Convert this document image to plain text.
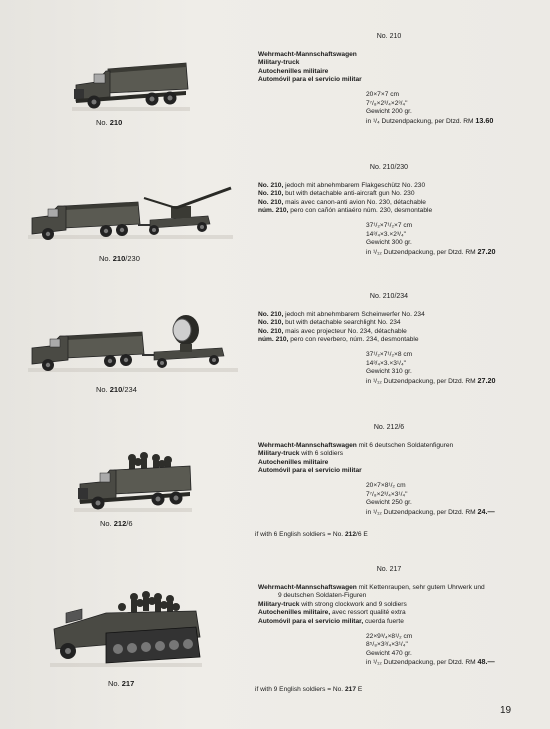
No. 210
No. 210
Wehrmacht-Mannschaftswagen
Military-truck
Autochenilles militaire
Automóvil para el servicio militar
20×7×7 cm
7⁷/₈×2³/₄×2³/₄"
Gewicht 200 gr.
in ¹/₄ Dutzendpackung, per Dtzd. RM 13.60
No. 210/230
No. 210/230
No. 210, jedoch mit abnehmbarem Flakgeschütz No. 230
No. 210, but with detachable anti-aircraft gun No. 230
No. 210, mais avec canon-anti avion No. 230, détachable
núm. 210, pero con cañón antiaéro núm. 230, desmontable
37¹/₂×7¹/₂×7 cm
14³/₄×3.×2³/₄"
Gewicht 300 gr.
in ¹/₁₂ Dutzendpackung, per Dtzd. RM 27.20
No. 210/234
No. 210/234
No. 210, jedoch mit abnehmbarem Scheinwerfer No. 234
No. 210, but with detachable searchlight No. 234
No. 210, mais avec projecteur No. 234, détachable
núm. 210, pero con reverbero, núm. 234, desmontable
37¹/₂×7¹/₂×8 cm
14³/₄×3.×3¹/₄"
Gewicht 310 gr.
in ¹/₁₂ Dutzendpackung, per Dtzd. RM 27.20
No. 212/6
No. 212/6
Wehrmacht-Mannschaftswagen mit 6 deutschen Soldatenfiguren
Military-truck with 6 soldiers
Autochenilles militaire
Automóvil para el servicio militar
20×7×8¹/₂ cm
7⁷/₈×2³/₄×3¹/₄"
Gewicht 250 gr.
in ¹/₁₂ Dutzendpackung, per Dtzd. RM 24.—
if with 6 English soldiers = No. 212/6 E
No. 217
No. 217
Wehrmacht-Mannschaftswagen mit Kettenraupen, sehr gutem Uhrwerk und
9 deutschen Soldaten-Figuren
Military-truck with strong clockwork and 9 soldiers
Autochenilles militaire, avec ressort qualité extra
Automóvil para el servicio militar, cuerda fuerte
22×9³/₄×8¹/₂ cm
8⁵/₈×3³/₄×3¹/₄"
Gewicht 470 gr.
in ¹/₁₂ Dutzendpackung, per Dtzd. RM 48.—
if with 9 English soldiers = No. 217 E
19
